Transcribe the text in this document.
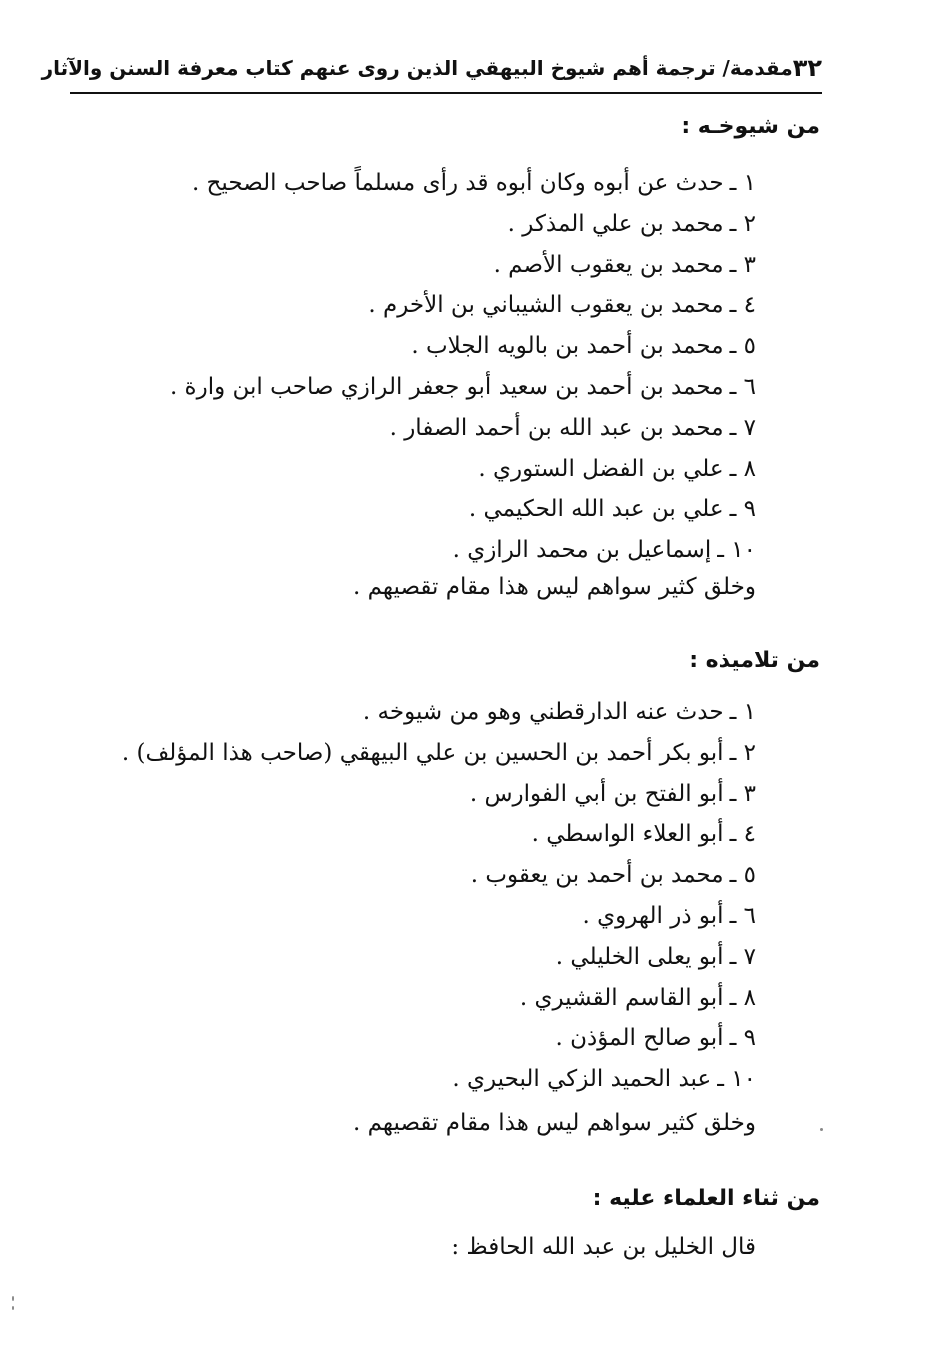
٣٢
مقدمة/ ترجمة أهم شيوخ البيهقي الذين روى عنهم كتاب معرفة السنن والآثار
من شيوخـه :
١ ـحدث عن أبوه وكان أبوه قد رأى مسلماً صاحب الصحيح .
٢ ـمحمد بن علي المذكر .
٣ ـمحمد بن يعقوب الأصم .
٤ ـمحمد بن يعقوب الشيباني بن الأخرم .
٥ ـمحمد بن أحمد بن بالويه الجلاب .
٦ ـمحمد بن أحمد بن سعيد أبو جعفر الرازي صاحب ابن وارة .
٧ ـمحمد بن عبد الله بن أحمد الصفار .
٨ ـعلي بن الفضل الستوري .
٩ ـعلي بن عبد الله الحكيمي .
١٠ ـإسماعيل بن محمد الرازي .
وخلق كثير سواهم ليس هذا مقام تقصيهم .
من تلاميذه :
١ ـحدث عنه الدارقطني وهو من شيوخه .
٢ ـأبو بكر أحمد بن الحسين بن علي البيهقي (صاحب هذا المؤلف) .
٣ ـأبو الفتح بن أبي الفوارس .
٤ ـأبو العلاء الواسطي .
٥ ـمحمد بن أحمد بن يعقوب .
٦ ـأبو ذر الهروي .
٧ ـأبو يعلى الخليلي .
٨ ـأبو القاسم القشيري .
٩ ـأبو صالح المؤذن .
١٠ ـعبد الحميد الزكي البحيري .
وخلق كثير سواهم ليس هذا مقام تقصيهم .
من ثناء العلماء عليه :
قال الخليل بن عبد الله الحافظ :
